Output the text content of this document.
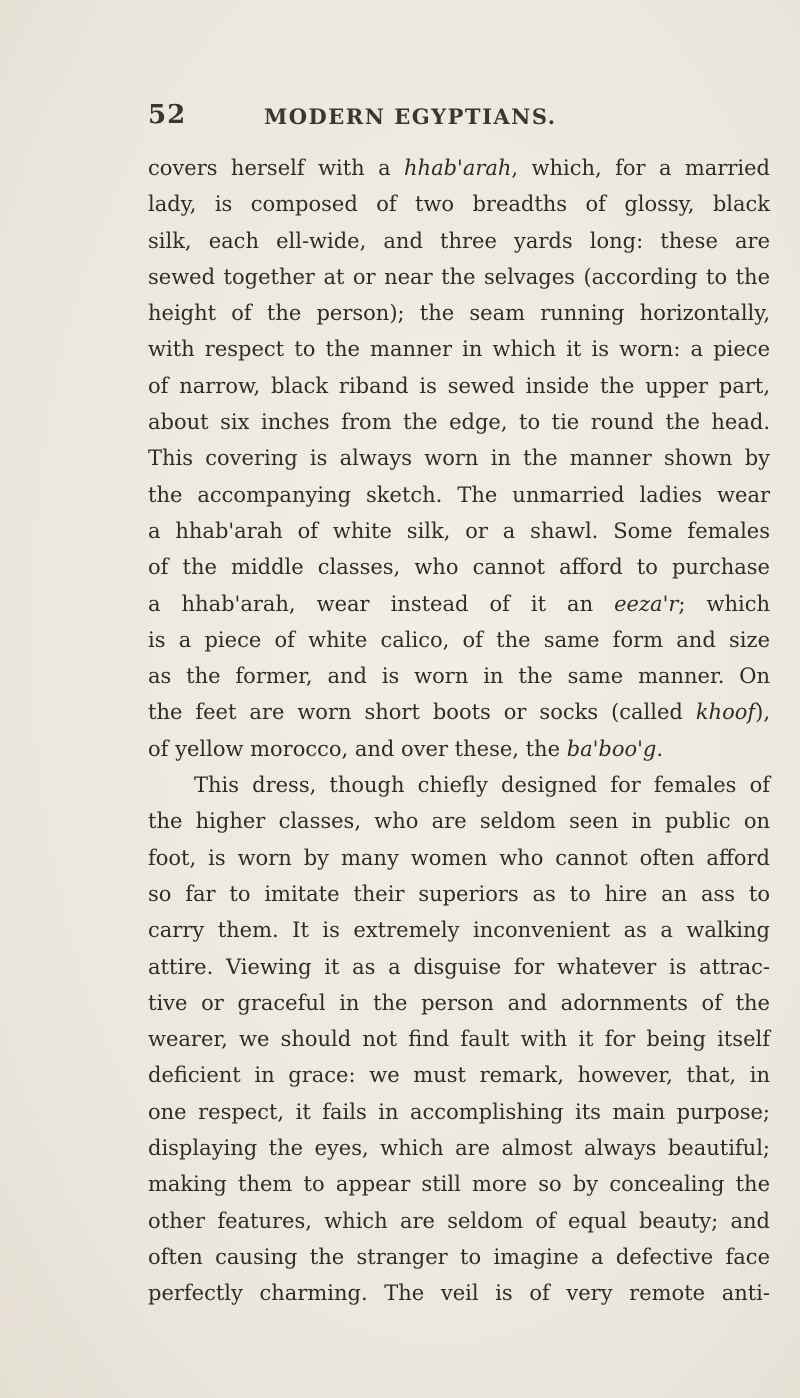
52	MODERN EGYPTIANS.
covers herself with a hhab'arah, which, for a married
lady, is composed of two breadths of glossy, black
silk, each ell-wide, and three yards long: these are
sewed together at or near the selvages (according to the
height of the person); the seam running horizontally,
with respect to the manner in which it is worn: a piece
of narrow, black riband is sewed inside the upper part,
about six inches from the edge, to tie round the head.
This covering is always worn in the manner shown by
the accompanying sketch. The unmarried ladies wear
a hhab'arah of white silk, or a shawl. Some females
of the middle classes, who cannot afford to purchase
a hhab'arah, wear instead of it an eeza'r; which
is a piece of white calico, of the same form and size
as the former, and is worn in the same manner. On
the feet are worn short boots or socks (called khoof),
of yellow morocco, and over these, the ba'boo'g.
This dress, though chiefly designed for females of
the higher classes, who are seldom seen in public on
foot, is worn by many women who cannot often afford
so far to imitate their superiors as to hire an ass to
carry them. It is extremely inconvenient as a walking
attire. Viewing it as a disguise for whatever is attrac-
tive or graceful in the person and adornments of the
wearer, we should not find fault with it for being itself
deficient in grace: we must remark, however, that, in
one respect, it fails in accomplishing its main purpose;
displaying the eyes, which are almost always beautiful;
making them to appear still more so by concealing the
other features, which are seldom of equal beauty; and
often causing the stranger to imagine a defective face
perfectly charming. The veil is of very remote anti-
